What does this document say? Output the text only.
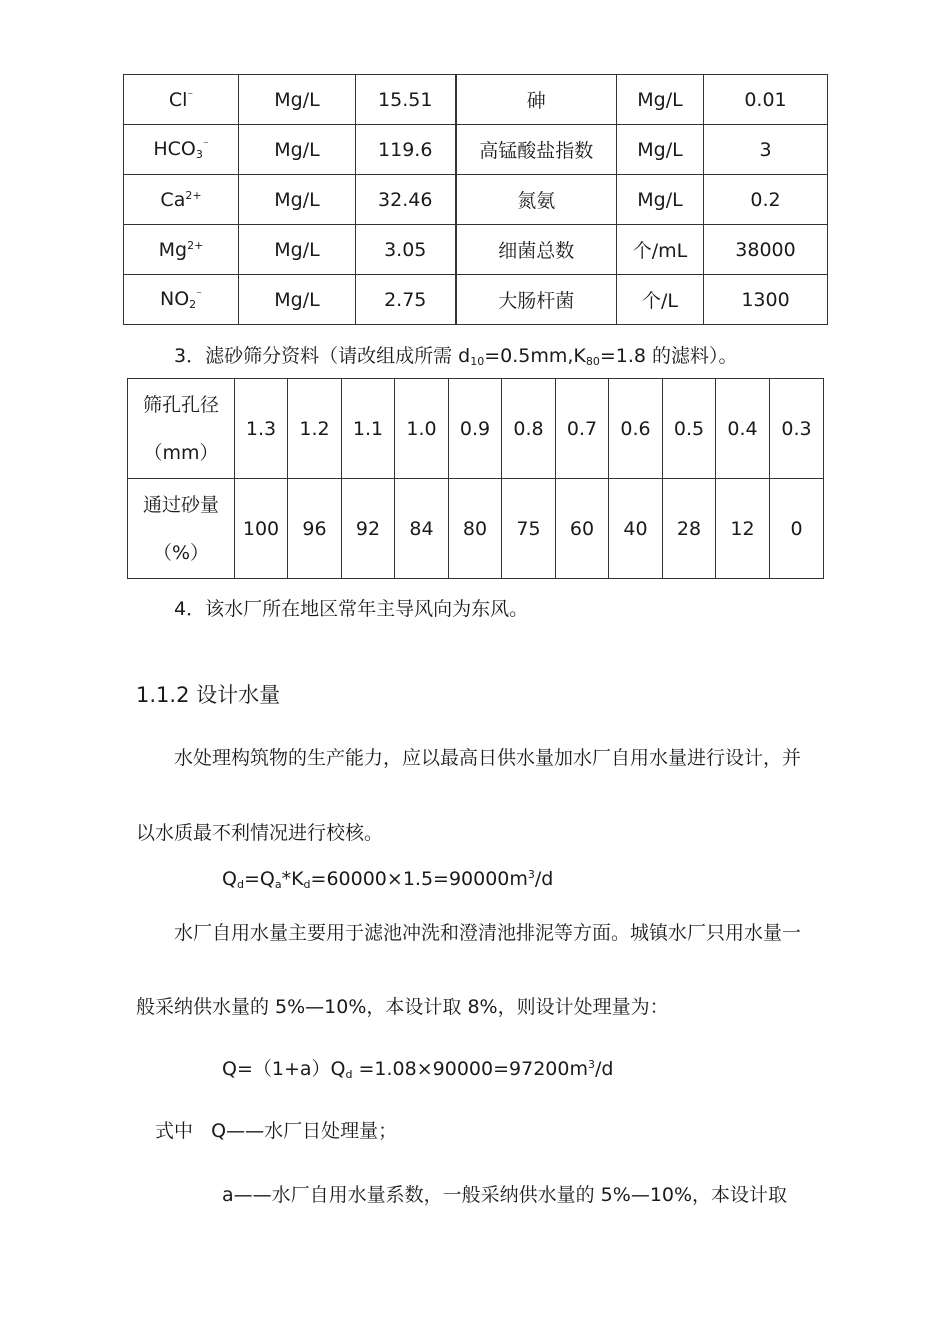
Cl⁻	Mg/L	15.51	砷	Mg/L	0.01
$HCO_3^{^-}$	Mg/L	119.6	高锰酸盐指数	Mg/L	3
$Ca^{2+}$	Mg/L	32.46	氮氨	Mg/L	0.2
$Mg^{2+}$	Mg/L	3.05	细菌总数	个/mL	38000
$NO_2^{^-}$	Mg/L	2.75	大肠杆菌	个/L	1300
3．滤砂筛分资料（请改组成所需 $d_{10}=0.5mm,K_{80}=1.8$ 的滤料）。
筛孔孔径
（mm）	1.3	1.2	1.1	1.0	0.9	0.8	0.7	0.6	0.5	0.4	0.3

通过砂量
（%）	100	96	92	84	80	75	60	40	28	12	0
4．该水厂所在地区常年主导风向为东风。
1.1.2 设计水量
水处理构筑物的生产能力，应以最高日供水量加水厂自用水量进行设计，并
以水质最不利情况进行校核。
$Q_d=Q_a*K_d=60000\times 1.5=90000m^3/d$
水厂自用水量主要用于滤池冲洗和澄清池排泥等方面。城镇水厂只用水量一
般采纳供水量的 5%—10%，本设计取 8%，则设计处理量为：
$Q=(1+a)Q_d =1.08\times 90000=97200m^3/d$
式中   Q——水厂日处理量；
a——水厂自用水量系数，一般采纳供水量的 5%—10%，本设计取
